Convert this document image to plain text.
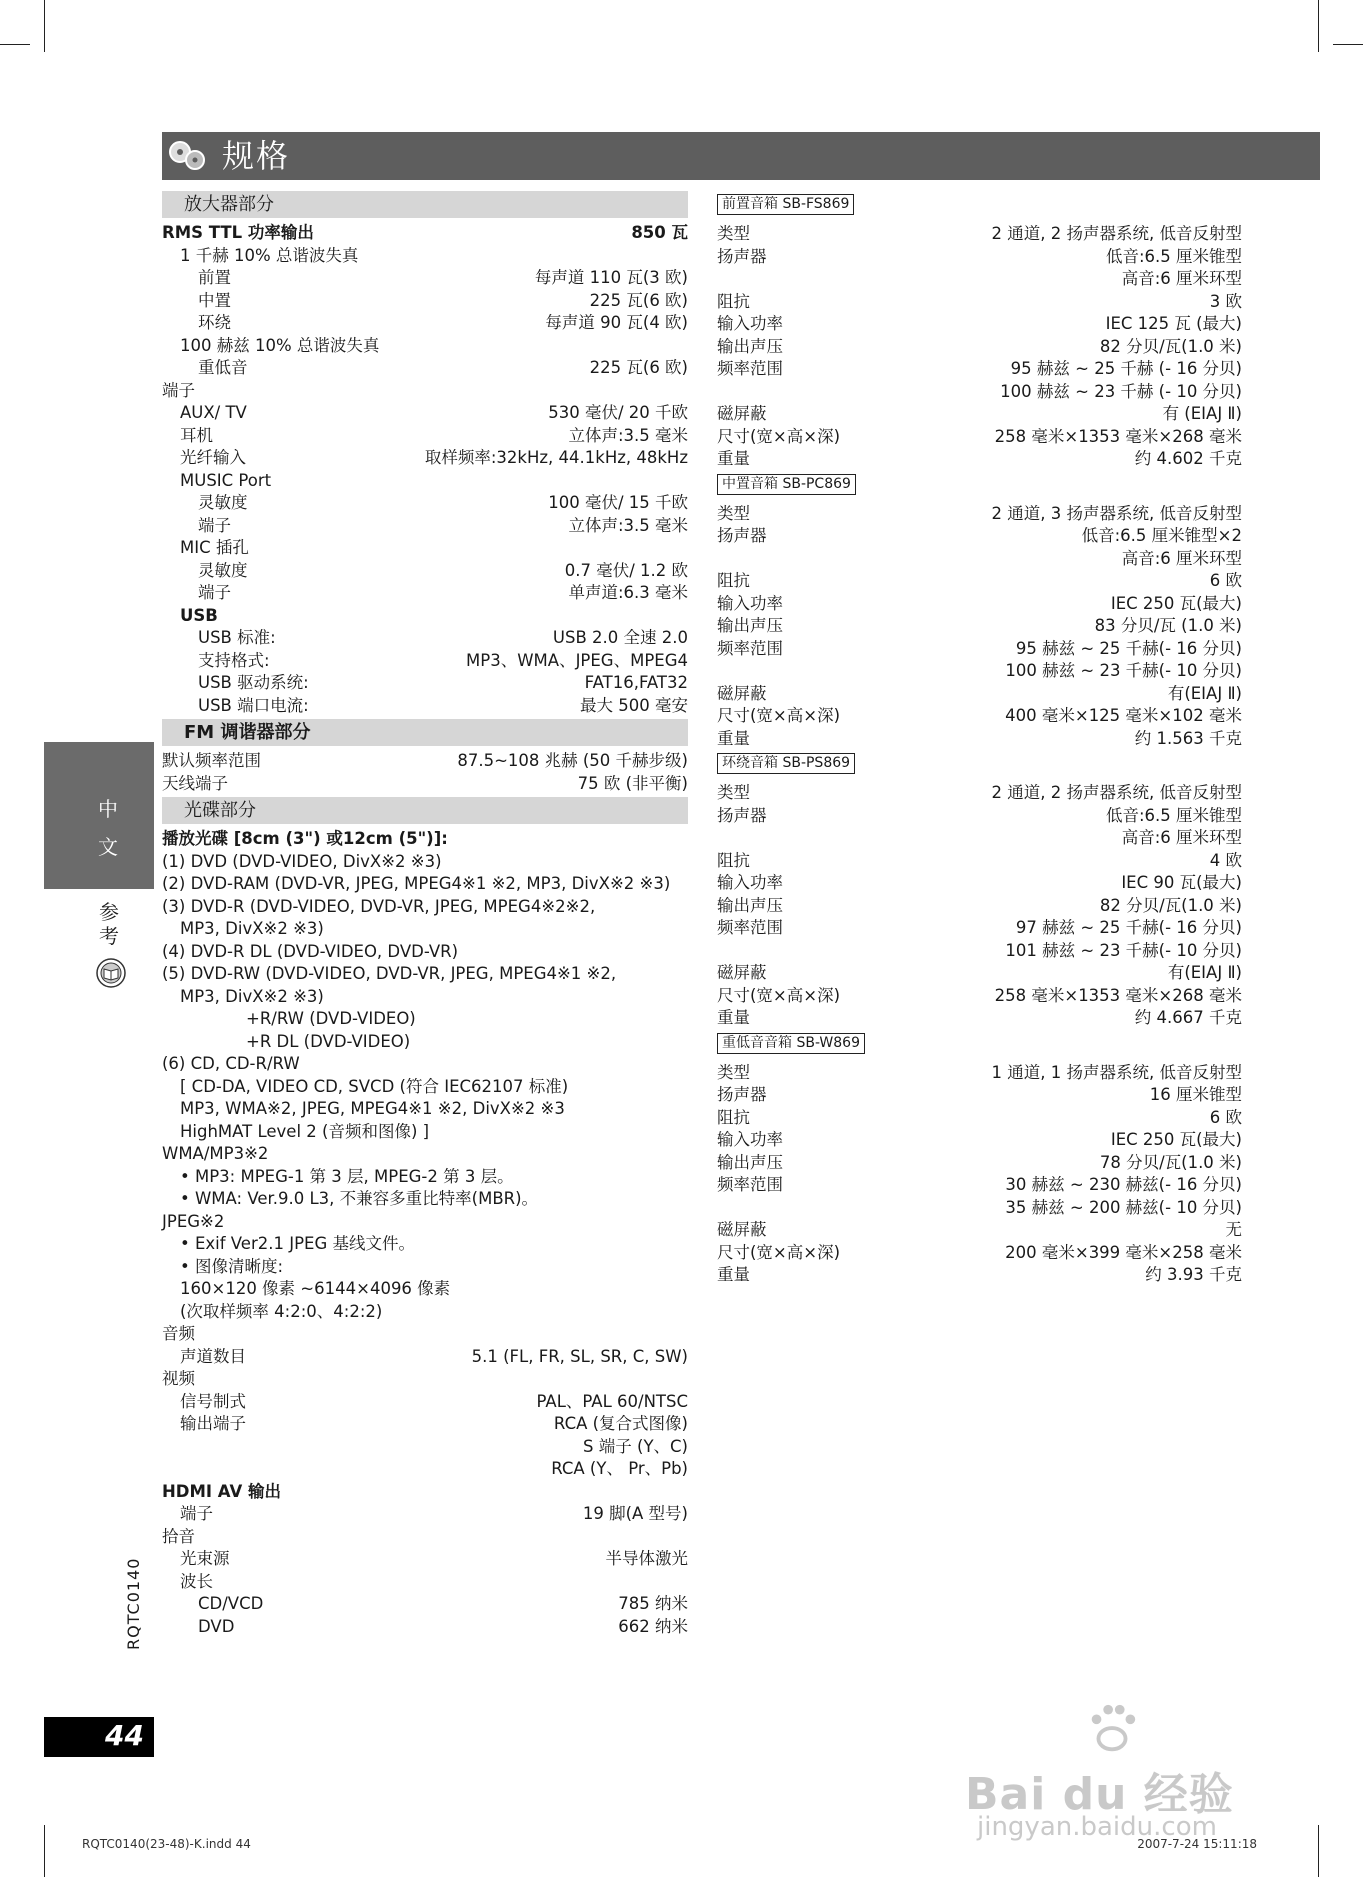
规格
放大器部分
RMS TTL 功率输出	850 瓦
1 千赫 10% 总谐波失真
前置	每声道 110 瓦(3 欧)
中置	225 瓦(6 欧)
环绕	每声道 90 瓦(4 欧)
100 赫兹 10% 总谐波失真
重低音	225 瓦(6 欧)
端子
AUX/ TV	530 毫伏/ 20 千欧
耳机	立体声:3.5 毫米
光纤输入	取样频率:32kHz, 44.1kHz, 48kHz
MUSIC Port
灵敏度	100 毫伏/ 15 千欧
端子	立体声:3.5 毫米
MIC 插孔
灵敏度	0.7 毫伏/ 1.2 欧
端子	单声道:6.3 毫米
USB
USB 标准:	USB 2.0 全速 2.0
支持格式:	MP3、WMA、JPEG、MPEG4
USB 驱动系统:	FAT16,FAT32
USB 端口电流:	最大 500 毫安
FM 调谐器部分
默认频率范围	87.5~108 兆赫 (50 千赫步级)
天线端子	75 欧 (非平衡)
光碟部分
播放光碟 [8cm (3") 或12cm (5")]:
(1) DVD (DVD-VIDEO, DivX※2 ※3)
(2) DVD-RAM (DVD-VR, JPEG, MPEG4※1 ※2, MP3, DivX※2 ※3)
(3) DVD-R (DVD-VIDEO, DVD-VR, JPEG, MPEG4※2※2,
MP3, DivX※2 ※3)
(4) DVD-R DL (DVD-VIDEO, DVD-VR)
(5) DVD-RW (DVD-VIDEO, DVD-VR, JPEG, MPEG4※1 ※2,
MP3, DivX※2 ※3)
+R/RW (DVD-VIDEO)
+R DL (DVD-VIDEO)
(6) CD, CD-R/RW
[ CD-DA, VIDEO CD, SVCD (符合 IEC62107 标准)
MP3, WMA※2, JPEG, MPEG4※1 ※2, DivX※2 ※3
HighMAT Level 2 (音频和图像) ]
WMA/MP3※2
• MP3: MPEG-1 第 3 层, MPEG-2 第 3 层。
• WMA: Ver.9.0 L3, 不兼容多重比特率(MBR)。
JPEG※2
• Exif Ver2.1 JPEG 基线文件。
• 图像清晰度:
160×120 像素 ~6144×4096 像素
(次取样频率 4:2:0、4:2:2)
音频
声道数目	5.1 (FL, FR, SL, SR, C, SW)
视频
信号制式	PAL、PAL 60/NTSC
输出端子	RCA (复合式图像)
S 端子 (Y、C)
RCA (Y、 Pr、Pb)
HDMI AV 输出
端子	19 脚(A 型号)
拾音
光束源	半导体激光
波长
CD/VCD	785 纳米
DVD	662 纳米
前置音箱 SB-FS869
类型	2 通道, 2 扬声器系统, 低音反射型
扬声器	低音:6.5 厘米锥型
高音:6 厘米环型
阻抗	3 欧
输入功率	IEC 125 瓦 (最大)
输出声压	82 分贝/瓦(1.0 米)
频率范围	95 赫兹 ~ 25 千赫 (- 16 分贝)
100 赫兹 ~ 23 千赫 (- 10 分贝)
磁屏蔽	有 (EIAJ Ⅱ)
尺寸(宽×高×深)	258 毫米×1353 毫米×268 毫米
重量	约 4.602 千克
中置音箱 SB-PC869
类型	2 通道, 3 扬声器系统, 低音反射型
扬声器	低音:6.5 厘米锥型×2
高音:6 厘米环型
阻抗	6 欧
输入功率	IEC 250 瓦(最大)
输出声压	83 分贝/瓦 (1.0 米)
频率范围	95 赫兹 ~ 25 千赫(- 16 分贝)
100 赫兹 ~ 23 千赫(- 10 分贝)
磁屏蔽	有(EIAJ Ⅱ)
尺寸(宽×高×深)	400 毫米×125 毫米×102 毫米
重量	约 1.563 千克
环绕音箱 SB-PS869
类型	2 通道, 2 扬声器系统, 低音反射型
扬声器	低音:6.5 厘米锥型
高音:6 厘米环型
阻抗	4 欧
输入功率	IEC 90 瓦(最大)
输出声压	82 分贝/瓦(1.0 米)
频率范围	97 赫兹 ~ 25 千赫(- 16 分贝)
101 赫兹 ~ 23 千赫(- 10 分贝)
磁屏蔽	有(EIAJ Ⅱ)
尺寸(宽×高×深)	258 毫米×1353 毫米×268 毫米
重量	约 4.667 千克
重低音音箱 SB-W869
类型	1 通道, 1 扬声器系统, 低音反射型
扬声器	16 厘米锥型
阻抗	6 欧
输入功率	IEC 250 瓦(最大)
输出声压	78 分贝/瓦(1.0 米)
频率范围	30 赫兹 ~ 230 赫兹(- 16 分贝)
35 赫兹 ~ 200 赫兹(- 10 分贝)
磁屏蔽	无
尺寸(宽×高×深)	200 毫米×399 毫米×258 毫米
重量	约 3.93 千克
中文
参考
RQTC0140
44
RQTC0140(23-48)-K.indd 44	2007-7-24 15:11:18
Bai du 经验
jingyan.baidu.com
